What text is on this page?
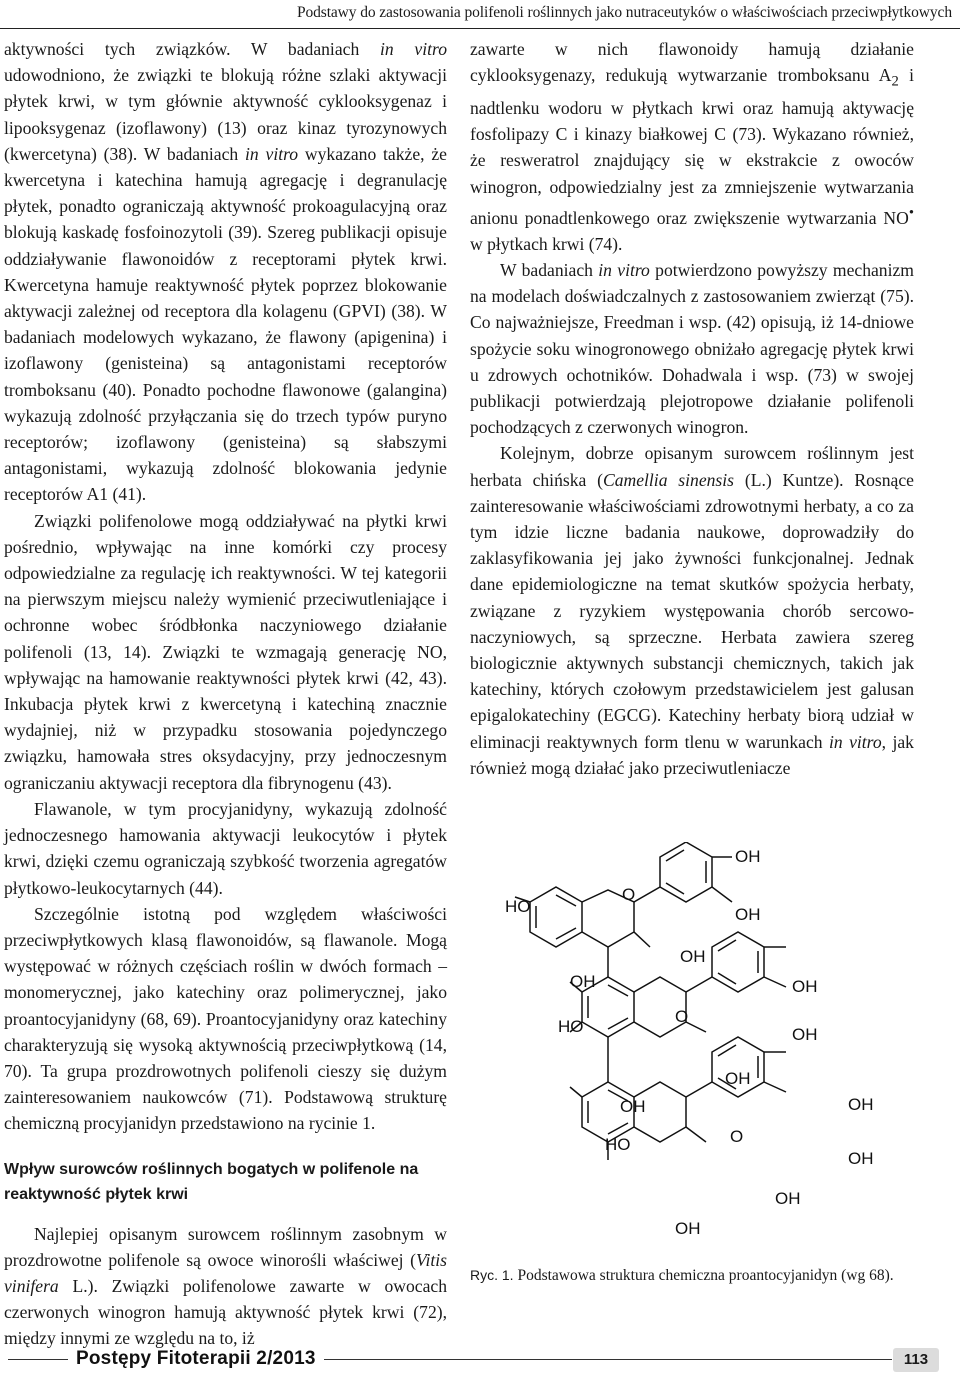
Podstawy do zastosowania polifenoli roślinnych jako nutraceutyków o właściwościach przeciwpłytkowych

aktywności tych związków. W badaniach in vitro udowodniono, że związki te blokują różne szlaki aktywacji płytek krwi, w tym głównie aktywność cyklooksygenaz i lipooksygenaz (izoflawony) (13) oraz kinaz tyrozynowych (kwercetyna) (38). W badaniach in vitro wykazano także, że kwercetyna i katechina hamują agregację i degranulację płytek, ponadto ograniczają aktywność prokoagulacyjną oraz blokują kaskadę fosfoinozytoli (39). Szereg publikacji opisuje oddziaływanie flawonoidów z receptorami płytek krwi. Kwercetyna hamuje reaktywność płytek poprzez blokowanie aktywacji zależnej od receptora dla kolagenu (GPVI) (38). W badaniach modelowych wykazano, że flawony (apigenina) i izoflawony (genisteina) są antagonistami receptorów tromboksanu (40). Ponadto pochodne flawonowe (galangina) wykazują zdolność przyłączania się do trzech typów puryno receptorów; izoflawony (genisteina) są słabszymi antagonistami, wykazują zdolność blokowania jedynie receptorów A1 (41).

Związki polifenolowe mogą oddziaływać na płytki krwi pośrednio, wpływając na inne komórki czy procesy odpowiedzialne za regulację ich reaktywności. W tej kategorii na pierwszym miejscu należy wymienić przeciwutleniające i ochronne wobec śródbłonka naczyniowego działanie polifenoli (13, 14). Związki te wzmagają generację NO, wpływając na hamowanie reaktywności płytek krwi (42, 43). Inkubacja płytek krwi z kwercetyną i katechiną znacznie wydajniej, niż w przypadku stosowania pojedynczego związku, hamowała stres oksydacyjny, przy jednoczesnym ograniczaniu aktywacji receptora dla fibrynogenu (43).

Flawanole, w tym procyjanidyny, wykazują zdolność jednoczesnego hamowania aktywacji leukocytów i płytek krwi, dzięki czemu ograniczają szybkość tworzenia agregatów płytkowo-leukocytarnych (44).

Szczególnie istotną pod względem właściwości przeciwpłytkowych klasą flawonoidów, są flawanole. Mogą występować w różnych częściach roślin w dwóch formach – monomerycznej, jako katechiny oraz polimerycznej, jako proantocyjanidyny (68, 69). Proantocyjanidyny oraz katechiny charakteryzują się wysoką aktywnością przeciwpłytkową (14, 70). Ta grupa prozdrowotnych polifenoli cieszy się dużym zainteresowaniem naukowców (71). Podstawową strukturę chemiczną procyjanidyn przedstawiono na rycinie 1.

Wpływ surowców roślinnych bogatych w polifenole na reaktywność płytek krwi

Najlepiej opisanym surowcem roślinnym zasobnym w prozdrowotne polifenole są owoce winorośli właściwej (Vitis vinifera L.). Związki polifenolowe zawarte w owocach czerwonych winogron hamują aktywność płytek krwi (72), między innymi ze względu na to, iż

zawarte w nich flawonoidy hamują działanie cyklooksygenazy, redukują wytwarzanie tromboksanu $A_2$ i nadtlenku wodoru w płytkach krwi oraz hamują aktywację fosfolipazy C i kinazy białkowej C (73). Wykazano również, że resweratrol znajdujący się w ekstrakcie z owoców winogron, odpowiedzialny jest za zmniejszenie wytwarzania anionu ponadtlenkowego oraz zwiększenie wytwarzania NO• w płytkach krwi (74).

W badaniach in vitro potwierdzono powyższy mechanizm na modelach doświadczalnych z zastosowaniem zwierząt (75). Co najważniejsze, Freedman i wsp. (42) opisują, iż 14-dniowe spożycie soku winogronowego obniżało agregację płytek krwi u zdrowych ochotników. Dohadwala i wsp. (73) w swojej publikacji potwierdzają plejotropowe działanie polifenoli pochodzących z czerwonych winogron.

Kolejnym, dobrze opisanym surowcem roślinnym jest herbata chińska (Camellia sinensis (L.) Kuntze). Rosnące zainteresowanie właściwościami zdrowotnymi herbaty, a co za tym idzie liczne badania naukowe, doprowadziły do zaklasyfikowania jej jako żywności funkcjonalnej. Jednak dane epidemiologiczne na temat skutków spożycia herbaty, związane z ryzykiem występowania chorób sercowo-naczyniowych, są sprzeczne. Herbata zawiera szereg biologicznie aktywnych substancji chemicznych, takich jak katechiny, których czołowym przedstawicielem jest galusan epigalokatechiny (EGCG). Katechiny herbaty biorą udział w eliminacji reaktywnych form tlenu w warunkach in vitro, jak również mogą działać jako przeciwutleniacze

OH
HO
O
OH
OH
OH	OH
HO
O
OH
OH
OH	OH
HO	O
OH
OH
OH
Ryc. 1. Podstawowa struktura chemiczna proantocyjanidyn (wg 68).
Postępy Fitoterapii 2/2013	113
